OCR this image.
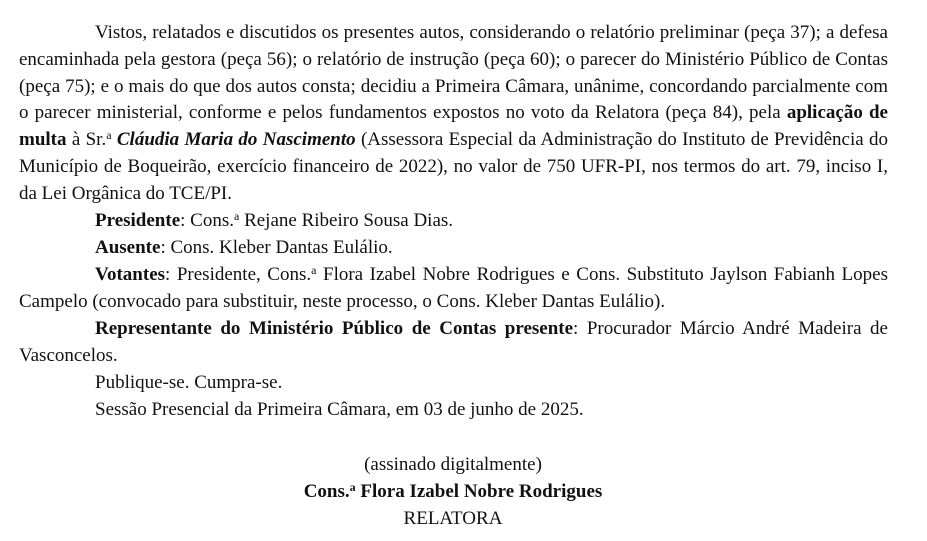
Vistos, relatados e discutidos os presentes autos, considerando o relatório preliminar (peça 37); a defesa encaminhada pela gestora (peça 56); o relatório de instrução (peça 60); o parecer do Ministério Público de Contas (peça 75); e o mais do que dos autos consta; decidiu a Primeira Câmara, unânime, concordando parcialmente com o parecer ministerial, conforme e pelos fundamentos expostos no voto da Relatora (peça 84), pela aplicação de multa à Sr.$^a$ Cláudia Maria do Nascimento (Assessora Especial da Administração do Instituto de Previdência do Município de Boqueirão, exercício financeiro de 2022), no valor de 750 UFR-PI, nos termos do art. 79, inciso I, da Lei Orgânica do TCE/PI.

Presidente: Cons.$^a$ Rejane Ribeiro Sousa Dias.

Ausente: Cons. Kleber Dantas Eulálio.

Votantes: Presidente, Cons.$^a$ Flora Izabel Nobre Rodrigues e Cons. Substituto Jaylson Fabianh Lopes Campelo (convocado para substituir, neste processo, o Cons. Kleber Dantas Eulálio).

Representante do Ministério Público de Contas presente: Procurador Márcio André Madeira de Vasconcelos.

Publique-se. Cumpra-se.

Sessão Presencial da Primeira Câmara, em 03 de junho de 2025.

(assinado digitalmente)

Cons.$^a$ Flora Izabel Nobre Rodrigues

RELATORA
